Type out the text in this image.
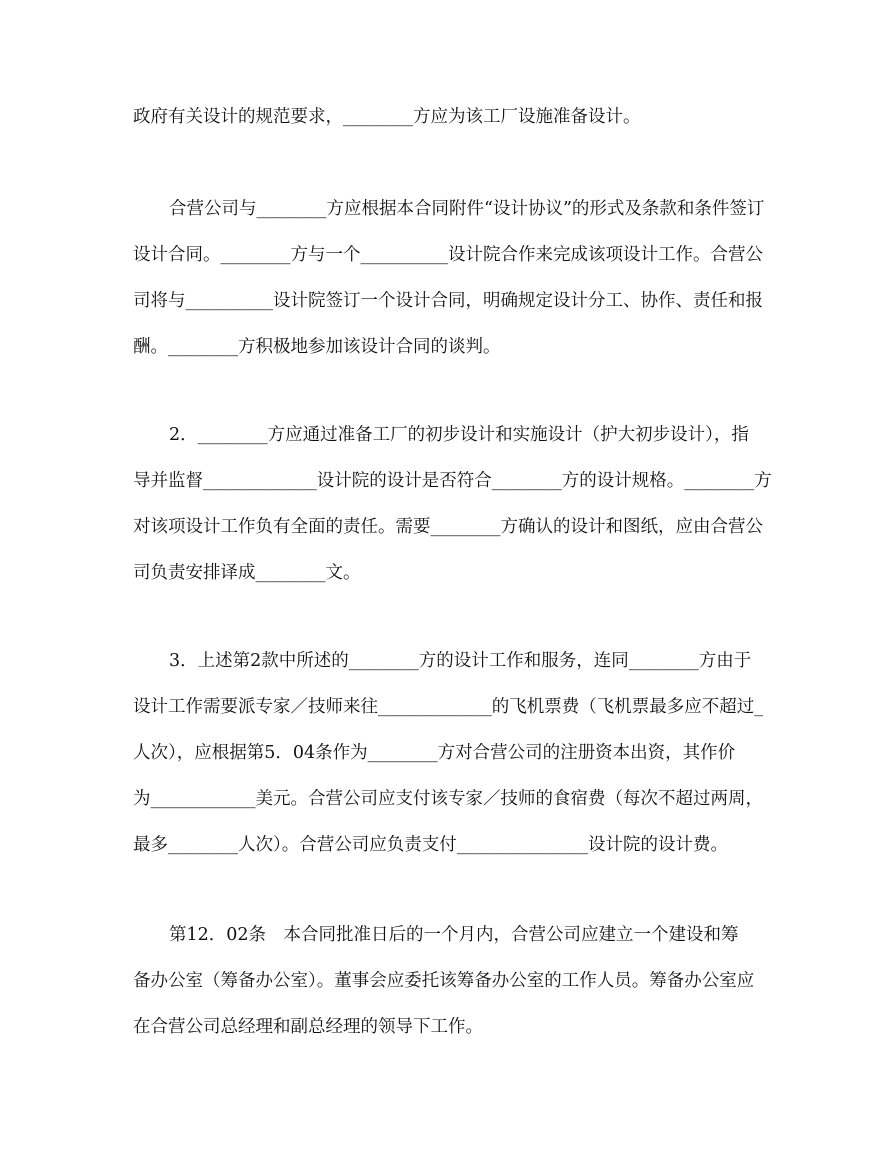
政府有关设计的规范要求，________方应为该工厂设施准备设计。
合营公司与________方应根据本合同附件“设计协议”的形式及条款和条件签订
设计合同。________方与一个__________设计院合作来完成该项设计工作。合营公
司将与__________设计院签订一个设计合同，明确规定设计分工、协作、责任和报
酬。________方积极地参加该设计合同的谈判。
2．________方应通过准备工厂的初步设计和实施设计（护大初步设计），指
导并监督_____________设计院的设计是否符合________方的设计规格。________方
对该项设计工作负有全面的责任。需要________方确认的设计和图纸，应由合营公
司负责安排译成________文。
3．上述第2款中所述的________方的设计工作和服务，连同________方由于
设计工作需要派专家／技师来往_____________的飞机票费（飞机票最多应不超过_
人次），应根据第5．04条作为________方对合营公司的注册资本出资，其作价
为____________美元。合营公司应支付该专家／技师的食宿费（每次不超过两周，
最多________人次）。合营公司应负责支付_______________设计院的设计费。
第12．02条　本合同批准日后的一个月内，合营公司应建立一个建设和筹
备办公室（筹备办公室）。董事会应委托该筹备办公室的工作人员。筹备办公室应
在合营公司总经理和副总经理的领导下工作。
